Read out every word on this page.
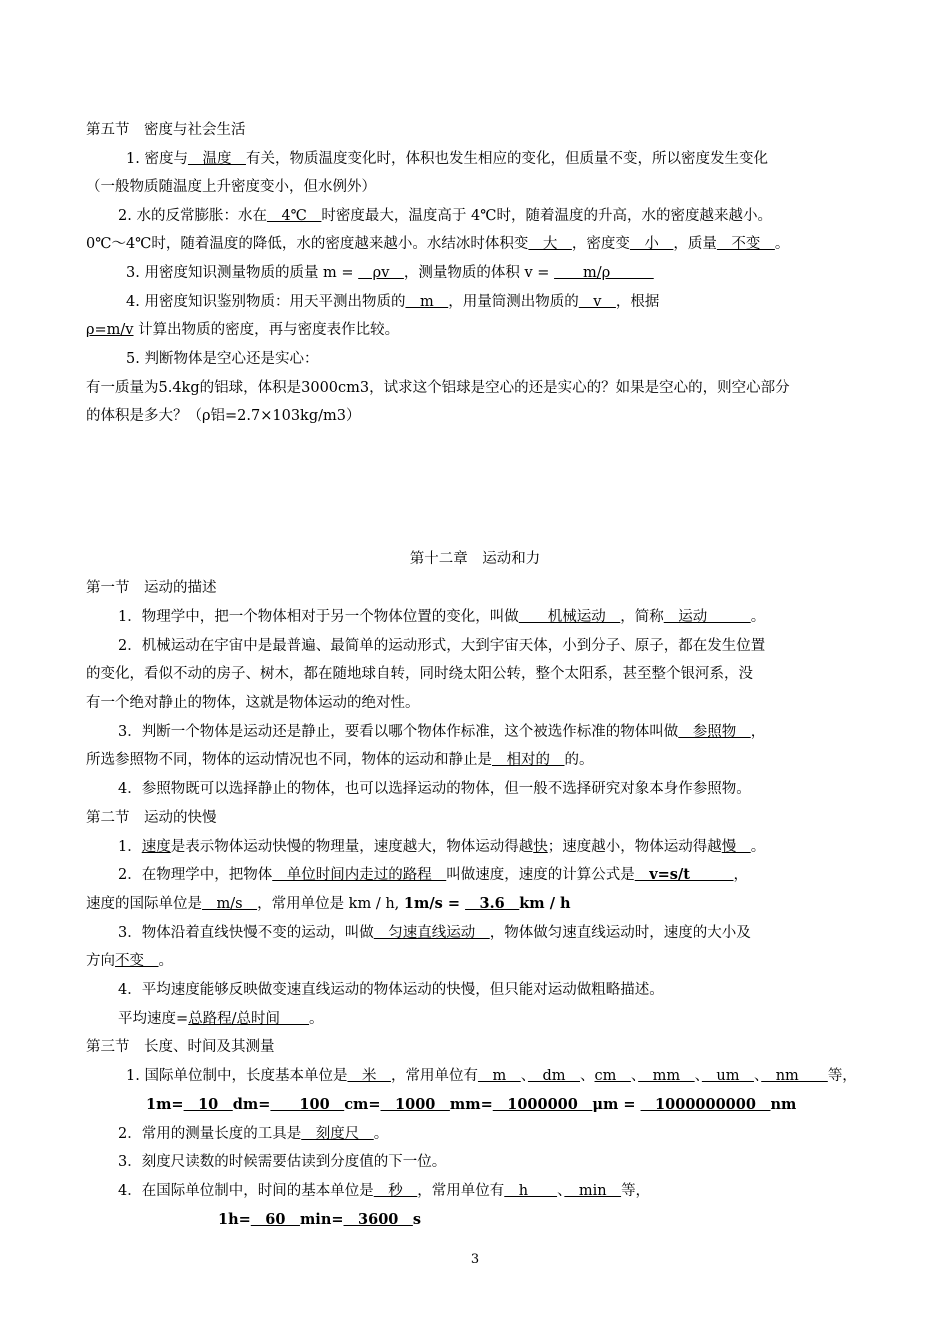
第五节　密度与社会生活
1. 密度与　温度　有关，物质温度变化时，体积也发生相应的变化，但质量不变，所以密度发生变化
（一般物质随温度上升密度变小，但水例外）
2. 水的反常膨胀：水在　4℃　时密度最大，温度高于 4℃时，随着温度的升高，水的密度越来越小。
0℃～4℃时，随着温度的降低，水的密度越来越小。水结冰时体积变　大　，密度变　小　，质量　不变　。
3. 用密度知识测量物质的质量 m = 　ρv　，测量物质的体积 v = 　　m/ρ　　　
4. 用密度知识鉴别物质：用天平测出物质的　m　，用量筒测出物质的　v　，根据
ρ=m/v 计算出物质的密度，再与密度表作比较。
5. 判断物体是空心还是实心：
有一质量为5.4kg的铝球，体积是3000cm3，试求这个铝球是空心的还是实心的？如果是空心的，则空心部分
的体积是多大？（ρ铝=2.7×103kg/m3）
第十二章　运动和力
第一节　运动的描述
1．物理学中，把一个物体相对于另一个物体位置的变化，叫做　　机械运动　，简称　运动　　　。
2．机械运动在宇宙中是最普遍、最简单的运动形式，大到宇宙天体，小到分子、原子，都在发生位置
的变化，看似不动的房子、树木，都在随地球自转，同时绕太阳公转，整个太阳系，甚至整个银河系，没
有一个绝对静止的物体，这就是物体运动的绝对性。
3．判断一个物体是运动还是静止，要看以哪个物体作标准，这个被选作标准的物体叫做　参照物　，
所选参照物不同，物体的运动情况也不同，物体的运动和静止是　相对的　的。
4．参照物既可以选择静止的物体，也可以选择运动的物体，但一般不选择研究对象本身作参照物。
第二节　运动的快慢
1．速度是表示物体运动快慢的物理量，速度越大，物体运动得越快；速度越小，物体运动得越慢　。
2．在物理学中，把物体　单位时间内走过的路程　叫做速度，速度的计算公式是　v=s/t　　　，
速度的国际单位是　m/s　，常用单位是 km / h, 1m/s = 　3.6　km / h
3．物体沿着直线快慢不变的运动，叫做　匀速直线运动　，物体做匀速直线运动时，速度的大小及
方向不变　。
4．平均速度能够反映做变速直线运动的物体运动的快慢，但只能对运动做粗略描述。
平均速度=总路程/总时间　　。
第三节　长度、时间及其测量
1. 国际单位制中，长度基本单位是　米　，常用单位有　m　、　dm　、cm　、　mm　、　um　、　nm　　等，
1m=　10　dm=　　100　cm=　1000　mm=　1000000　μm = 　1000000000　nm
2．常用的测量长度的工具是　刻度尺　。
3．刻度尺读数的时候需要估读到分度值的下一位。
4．在国际单位制中，时间的基本单位是　秒　，常用单位有　h　　、　min　等，
1h=　60　min=　3600　s
3
